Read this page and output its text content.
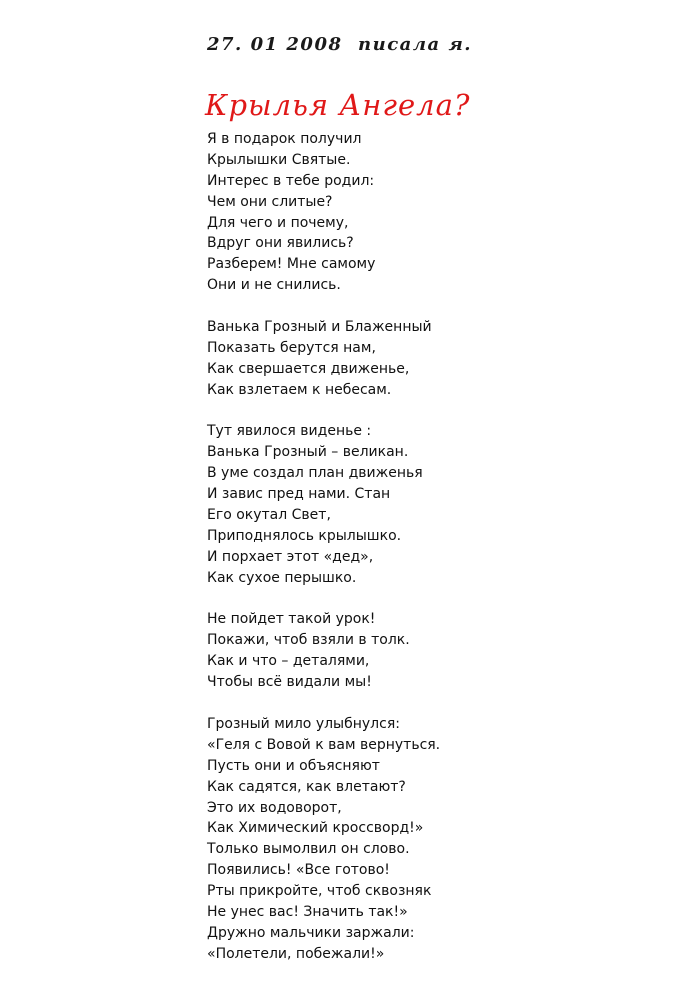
27. 01 2008 писала я.
Крылья Ангела?
Я в подарок получил
Крылышки Святые.
Интерес в тебе родил:
Чем они слитые?
Для чего и почему,
Вдруг они явились?
Разберем! Мне самому
Они и не снились.
Ванька Грозный и Блаженный
Показать берутся нам,
Как свершается движенье,
Как взлетаем к небесам.
Тут явилося виденье :
Ванька Грозный – великан.
В уме создал план движенья
И завис пред нами. Стан
Его окутал Свет,
Приподнялось крылышко.
И порхает этот «дед»,
Как сухое перышко.
Не пойдет такой урок!
Покажи, чтоб взяли в толк.
Как и что – деталями,
Чтобы всё видали мы!
Грозный мило улыбнулся:
«Геля с Вовой к вам вернуться.
Пусть они и объясняют
Как садятся, как влетают?
Это их водоворот,
Как Химический кроссворд!»
Только вымолвил он слово.
Появились! «Все готово!
Рты прикройте, чтоб сквозняк
Не унес вас! Значить так!»
Дружно мальчики заржали:
«Полетели, побежали!»
